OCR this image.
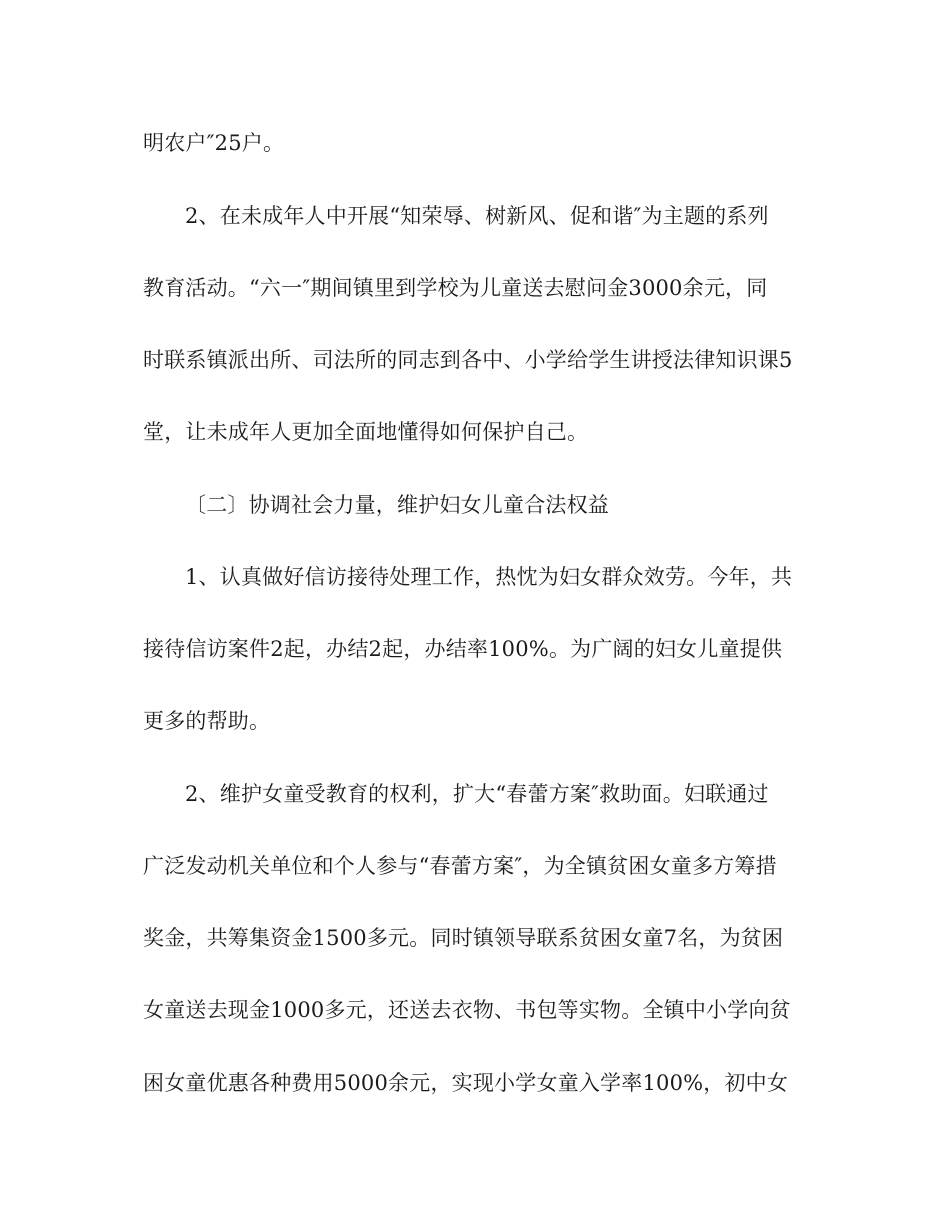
明农户″25户。
2、在未成年人中开展“知荣辱、树新风、促和谐″为主题的系列
教育活动。“六一″期间镇里到学校为儿童送去慰问金3000余元，同
时联系镇派出所、司法所的同志到各中、小学给学生讲授法律知识课5
堂，让未成年人更加全面地懂得如何保护自己。
〔二〕协调社会力量，维护妇女儿童合法权益
1、认真做好信访接待处理工作，热忱为妇女群众效劳。今年，共
接待信访案件2起，办结2起，办结率100%。为广阔的妇女儿童提供
更多的帮助。
2、维护女童受教育的权利，扩大“春蕾方案″救助面。妇联通过
广泛发动机关单位和个人参与“春蕾方案″，为全镇贫困女童多方筹措
奖金，共筹集资金1500多元。同时镇领导联系贫困女童7名，为贫困
女童送去现金1000多元，还送去衣物、书包等实物。全镇中小学向贫
困女童优惠各种费用5000余元，实现小学女童入学率100%，初中女
